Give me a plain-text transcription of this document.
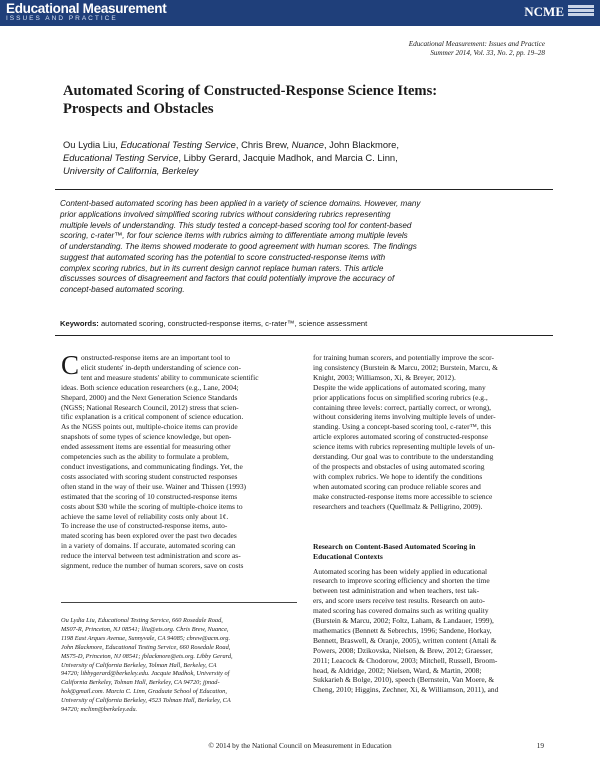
Educational Measurement
ISSUES AND PRACTICE	NCME
Educational Measurement: Issues and Practice
Summer 2014, Vol. 33, No. 2, pp. 19–28
Automated Scoring of Constructed-Response Science Items:
Prospects and Obstacles
Ou Lydia Liu, Educational Testing Service, Chris Brew, Nuance, John Blackmore,
Educational Testing Service, Libby Gerard, Jacquie Madhok, and Marcia C. Linn,
University of California, Berkeley
Content-based automated scoring has been applied in a variety of science domains. However, many
prior applications involved simplified scoring rubrics without considering rubrics representing
multiple levels of understanding. This study tested a concept-based scoring tool for content-based
scoring, c-rater™, for four science items with rubrics aiming to differentiate among multiple levels
of understanding. The items showed moderate to good agreement with human scores. The findings
suggest that automated scoring has the potential to score constructed-response items with
complex scoring rubrics, but in its current design cannot replace human raters. This article
discusses sources of disagreement and factors that could potentially improve the accuracy of
concept-based automated scoring.
Keywords: automated scoring, constructed-response items, c-rater™, science assessment
C onstructed-response items are an important tool to
elicit students' in-depth understanding of science con-
tent and measure students' ability to communicate scientific
ideas. Both science education researchers (e.g., Lane, 2004;
Shepard, 2000) and the Next Generation Science Standards
(NGSS; National Research Council, 2012) stress that scien-
tific explanation is a critical component of science education.
As the NGSS points out, multiple-choice items can provide
snapshots of some types of science knowledge, but open-
ended assessment items are essential for measuring other
competencies such as the ability to formulate a problem,
conduct investigations, and communicating findings. Yet, the
costs associated with scoring student constructed responses
often stand in the way of their use. Wainer and Thissen (1993)
estimated that the scoring of 10 constructed-response items
costs about $30 while the scoring of multiple-choice items to
achieve the same level of reliability costs only about 1¢.
To increase the use of constructed-response items, auto-
mated scoring has been explored over the past two decades
in a variety of domains. If accurate, automated scoring can
reduce the interval between test administration and score as-
signment, reduce the number of human scorers, save on costs
Ou Lydia Liu, Educational Testing Service, 660 Rosedale Road,
MS07-R, Princeton, NJ 08541; lliu@ets.org. Chris Brew, Nuance,
1198 East Arques Avenue, Sunnyvale, CA 94085; cbrew@acm.org.
John Blackmore, Educational Testing Service, 660 Rosedale Road,
MS75-D, Princeton, NJ 08541; jblackmore@ets.org. Libby Gerard,
University of California Berkeley, Tolman Hall, Berkeley, CA
94720; libbygerard@berkeley.edu. Jacquie Madhok, University of
California Berkeley, Tolman Hall, Berkeley, CA 94720; jjmad-
hok@gmail.com. Marcia C. Linn, Graduate School of Education,
University of California Berkeley, 4523 Tolman Hall, Berkeley, CA
94720; mclinn@berkeley.edu.
for training human scorers, and potentially improve the scor-
ing consistency (Burstein & Marcu, 2002; Burstein, Marcu, &
Knight, 2003; Williamson, Xi, & Breyer, 2012).
Despite the wide applications of automated scoring, many
prior applications focus on simplified scoring rubrics (e.g.,
containing three levels: correct, partially correct, or wrong),
without considering items involving multiple levels of under-
standing. Using a concept-based scoring tool, c-rater™, this
article explores automated scoring of constructed-response
science items with rubrics representing multiple levels of un-
derstanding. Our goal was to contribute to the understanding
of the prospects and obstacles of using automated scoring
with complex rubrics. We hope to identify the conditions
when automated scoring can produce reliable scores and
make constructed-response items more accessible to science
researchers and teachers (Quellmalz & Pelligrino, 2009).
Research on Content-Based Automated Scoring in
Educational Contexts
Automated scoring has been widely applied in educational
research to improve scoring efficiency and shorten the time
between test administration and when teachers, test tak-
ers, and score users receive test results. Research on auto-
mated scoring has covered domains such as writing quality
(Burstein & Marcu, 2002; Foltz, Laham, & Landauer, 1999),
mathematics (Bennett & Sebrechts, 1996; Sandene, Horkay,
Bennett, Braswell, & Oranje, 2005), written content (Attali &
Powers, 2008; Dzikovska, Nielsen, & Brew, 2012; Graesser,
2011; Leacock & Chodorow, 2003; Mitchell, Russell, Broom-
head, & Aldridge, 2002; Nielsen, Ward, & Martin, 2008;
Sukkarieh & Bolge, 2010), speech (Bernstein, Van Moere, &
Cheng, 2010; Higgins, Zechner, Xi, & Williamson, 2011), and
© 2014 by the National Council on Measurement in Education	19
